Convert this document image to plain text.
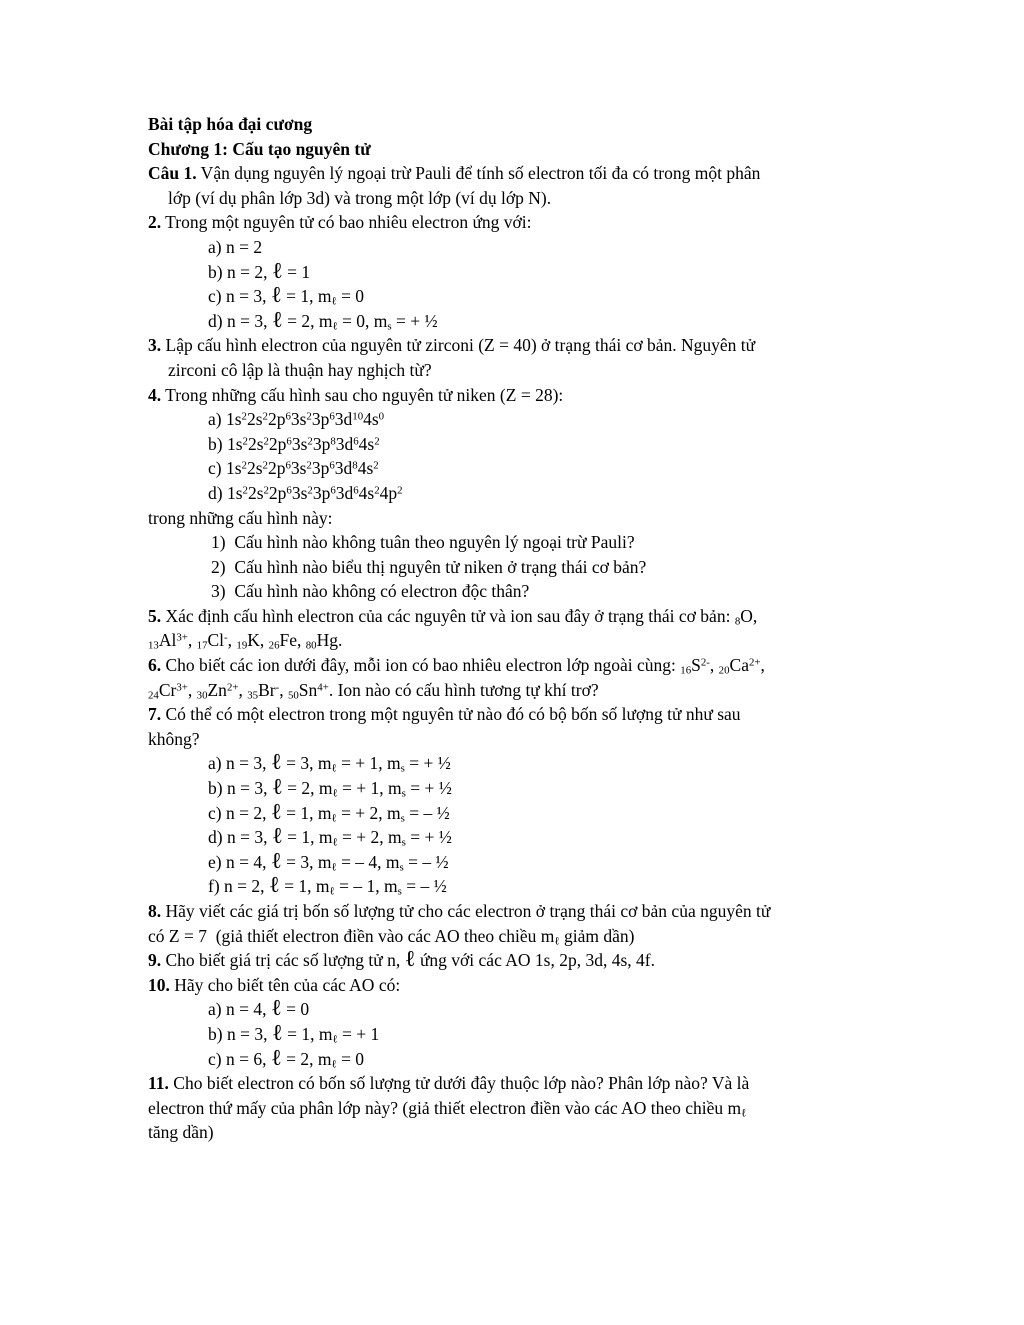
Bài tập hóa đại cương
Chương 1: Cấu tạo nguyên tử
Câu 1. Vận dụng nguyên lý ngoại trừ Pauli để tính số electron tối đa có trong một phân
lớp (ví dụ phân lớp 3d) và trong một lớp (ví dụ lớp N).
2. Trong một nguyên tử có bao nhiêu electron ứng với:
a) n = 2
b) n = 2, ℓ = 1
c) n = 3, ℓ = 1, $m_\ell = 0$
d) n = 3, ℓ = 2, $m_\ell = 0$, $m_s$ = + ½
3. Lập cấu hình electron của nguyên tử zirconi (Z = 40) ở trạng thái cơ bản. Nguyên tử
zirconi cô lập là thuận hay nghịch từ?
4. Trong những cấu hình sau cho nguyên tử niken (Z = 28):
a) $1s^22s^22p^63s^23p^63d^{10}4s^0$
b) $1s^22s^22p^63s^23p^83d^64s^2$
c) $1s^22s^22p^63s^23p^63d^84s^2$
d) $1s^22s^22p^63s^23p^63d^64s^24p^2$
trong những cấu hình này:
1)  Cấu hình nào không tuân theo nguyên lý ngoại trừ Pauli?
2)  Cấu hình nào biểu thị nguyên tử niken ở trạng thái cơ bản?
3)  Cấu hình nào không có electron độc thân?
5. Xác định cấu hình electron của các nguyên tử và ion sau đây ở trạng thái cơ bản: $_8$O,
$_{13}Al^{3+}$, $_{17}$Cl-, $_{19}$K, $_{26}$Fe, $_{80}$Hg.
6. Cho biết các ion dưới đây, mỗi ion có bao nhiêu electron lớp ngoài cùng: $_{16}S^{2-}$, $_{20}Ca^{2+}$,
$_{24}Cr^{3+}$, $_{30}Zn^{2+}$, $_{35}$Br-, $_{50}Sn^{4+}$. Ion nào có cấu hình tương tự khí trơ?
7. Có thể có một electron trong một nguyên tử nào đó có bộ bốn số lượng tử như sau
không?
a) n = 3, ℓ = 3, $m_\ell$ = + 1, $m_s$ = + ½
b) n = 3, ℓ = 2, $m_\ell$ = + 1, $m_s$ = + ½
c) n = 2, ℓ = 1, $m_\ell$ = + 2, $m_s$ = – ½
d) n = 3, ℓ = 1, $m_\ell$ = + 2, $m_s$ = + ½
e) n = 4, ℓ = 3, $m_\ell$ = – 4, $m_s$ = – ½
f) n = 2, ℓ = 1, $m_\ell$ = – 1, $m_s$ = – ½
8. Hãy viết các giá trị bốn số lượng tử cho các electron ở trạng thái cơ bản của nguyên tử
có Z = 7  (giả thiết electron điền vào các AO theo chiều $m_\ell$ giảm dần)
9. Cho biết giá trị các số lượng tử n, ℓ ứng với các AO 1s, 2p, 3d, 4s, 4f.
10. Hãy cho biết tên của các AO có:
a) n = 4, ℓ = 0
b) n = 3, ℓ = 1, $m_\ell$ = + 1
c) n = 6, ℓ = 2, $m_\ell = 0$
11. Cho biết electron có bốn số lượng tử dưới đây thuộc lớp nào? Phân lớp nào? Và là
electron thứ mấy của phân lớp này? (giả thiết electron điền vào các AO theo chiều $m_\ell$
tăng dần)
